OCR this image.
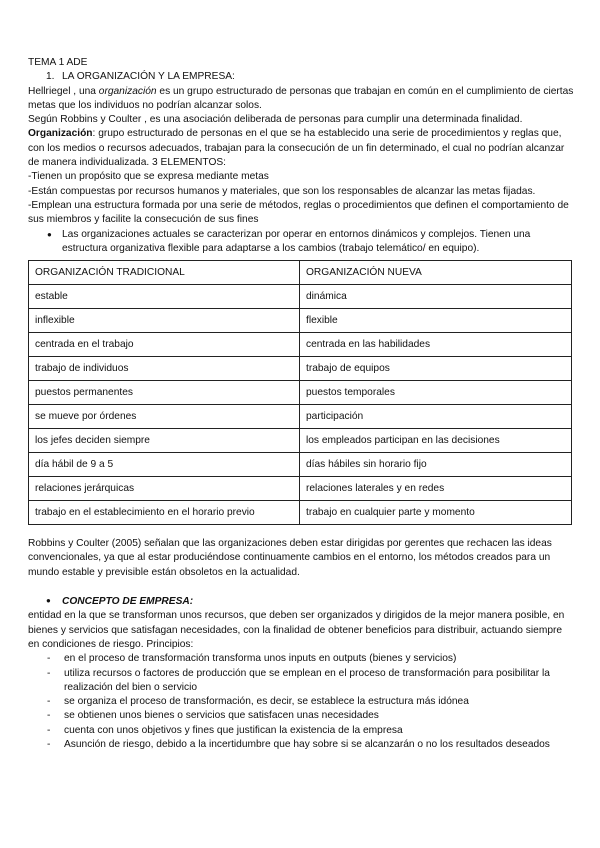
TEMA 1 ADE

1. LA ORGANIZACIÓN Y LA EMPRESA:

Hellriegel , una organización es un grupo estructurado de personas que trabajan en común en el cumplimiento de ciertas metas que los individuos no podrían alcanzar solos.

Según Robbins y Coulter , es una asociación deliberada de personas para cumplir una determinada finalidad.

Organización: grupo estructurado de personas en el que se ha establecido una serie de procedimientos y reglas que, con los medios o recursos adecuados, trabajan para la consecución de un fin determinado, el cual no podrían alcanzar de manera individualizada. 3 ELEMENTOS:

-Tienen un propósito que se expresa mediante metas

-Están compuestas por recursos humanos y materiales, que son los responsables de alcanzar las metas fijadas.

-Emplean una estructura formada por una serie de métodos, reglas o procedimientos que definen el comportamiento de sus miembros y facilite la consecución de sus fines

● Las organizaciones actuales se caracterizan por operar en entornos dinámicos y complejos. Tienen una estructura organizativa flexible para adaptarse a los cambios (trabajo telemático/ en equipo).
ORGANIZACIÓN TRADICIONAL	ORGANIZACIÓN NUEVA
estable	dinámica
inflexible	flexible
centrada en el trabajo	centrada en las habilidades
trabajo de individuos	trabajo de equipos
puestos permanentes	puestos temporales
se mueve por órdenes	participación
los jefes deciden siempre	los empleados participan en las decisiones
día hábil de 9 a 5	días hábiles sin horario fijo
relaciones jerárquicas	relaciones laterales y en redes
trabajo en el establecimiento en el horario previo	trabajo en cualquier parte y momento

Robbins y Coulter (2005) señalan que las organizaciones deben estar dirigidas por gerentes que rechacen las ideas convencionales, ya que al estar produciéndose continuamente cambios en el entorno, los métodos creados para un mundo estable y previsible están obsoletos en la actualidad.

● CONCEPTO DE EMPRESA:

entidad en la que se transforman unos recursos, que deben ser organizados y dirigidos de la mejor manera posible, en bienes y servicios que satisfagan necesidades, con la finalidad de obtener beneficios para distribuir, actuando siempre en condiciones de riesgo. Principios:

- en el proceso de transformación transforma unos inputs en outputs (bienes y servicios)
- utiliza recursos o factores de producción que se emplean en el proceso de transformación para posibilitar la realización del bien o servicio
- se organiza el proceso de transformación, es decir, se establece la estructura más idónea
- se obtienen unos bienes o servicios que satisfacen unas necesidades
- cuenta con unos objetivos y fines que justifican la existencia de la empresa
- Asunción de riesgo, debido a la incertidumbre que hay sobre si se alcanzarán o no los resultados deseados
